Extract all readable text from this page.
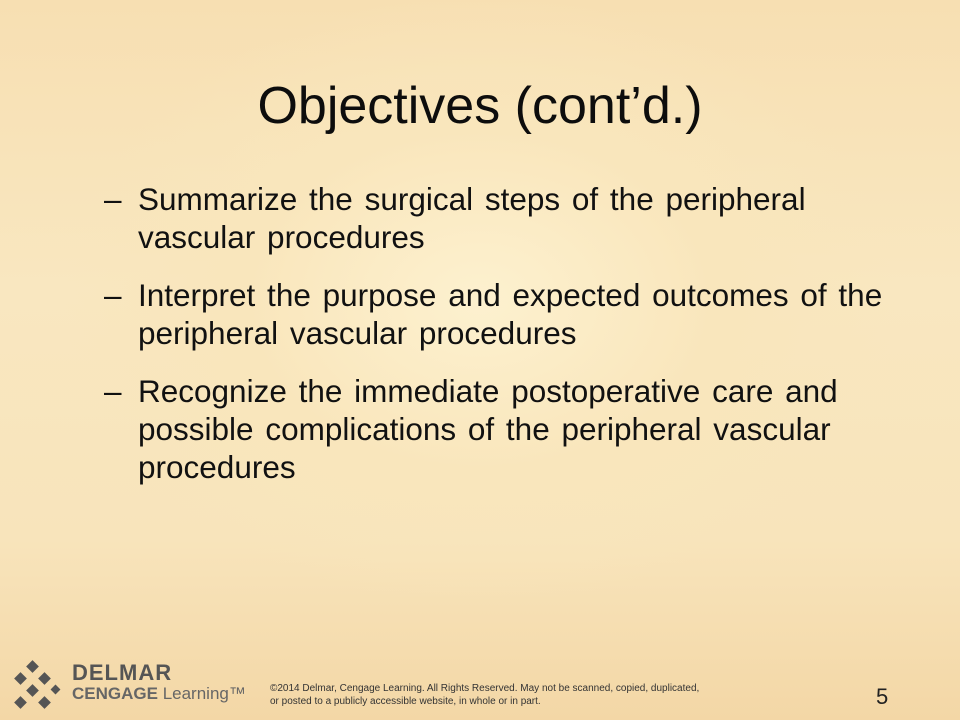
Objectives (cont’d.)
– Summarize the surgical steps of the peripheral vascular procedures
– Interpret the purpose and expected outcomes of the peripheral vascular procedures
– Recognize the immediate postoperative care and possible complications of the peripheral vascular procedures
DELMAR
CENGAGE Learning™ ©2014 Delmar, Cengage Learning. All Rights Reserved. May not be scanned, copied, duplicated, or posted to a publicly accessible website, in whole or in part.	5
